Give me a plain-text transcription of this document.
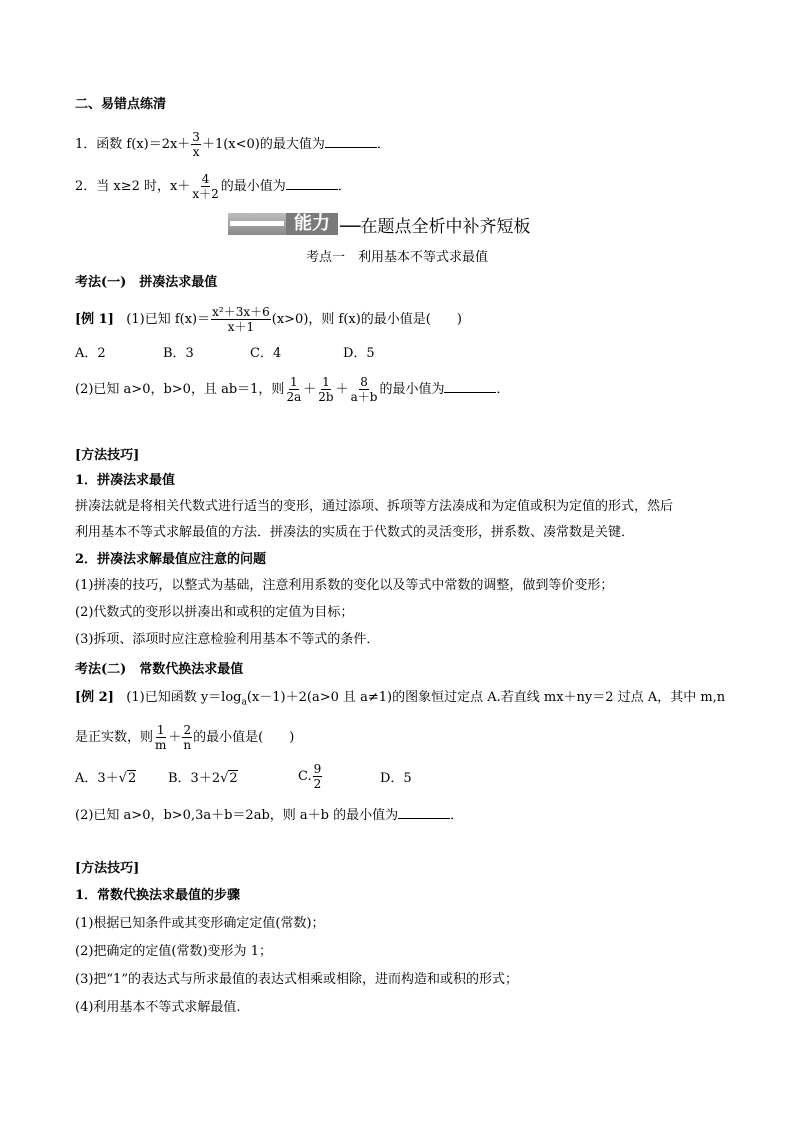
二、易错点练清
1．函数 $f(x)=2x+ \frac{3}{x} +1(x<0)$的最大值为	．
2．当 x≥2 时，$x+ \frac{4}{x+2}$ 的最小值为	．
能力 ──在题点全析中补齐短板
考点一　利用基本不等式求最值
考法(一)　拼凑法求最值
[例 1] (1)已知 $f(x)= \frac{\text{x²＋3x＋6}}{x+1} (x>0)$，则 f(x)的最小值是(　　)
A．2	B．3	C．4	D．5
(2)已知 a>0，b>0，且 ab＝1，则 $\frac{1}{2a} + \frac{1}{2b} + \frac{8}{a+b}$ 的最小值为	．
[方法技巧]
1．拼凑法求最值
拼凑法就是将相关代数式进行适当的变形，通过添项、拆项等方法凑成和为定值或积为定值的形式，然后
利用基本不等式求解最值的方法．拼凑法的实质在于代数式的灵活变形，拼系数、凑常数是关键．
2．拼凑法求解最值应注意的问题
(1)拼凑的技巧，以整式为基础，注意利用系数的变化以及等式中常数的调整，做到等价变形；
(2)代数式的变形以拼凑出和或积的定值为目标；
(3)拆项、添项时应注意检验利用基本不等式的条件．
考法(二)　常数代换法求最值
[例 2] (1)已知函数 $y=\log_a(x-1)+2(a>0$ 且 a≠1)的图象恒过定点 A.若直线 mx＋ny＝2 过点 A，其中 m,n
是正实数，则 $\frac{1}{m} + \frac{2}{n}$ 的最小值是(　　)
A．3＋√2 B．3＋2√2	C. $\frac{9}{2}$	D．5
(2)已知 a>0，b>0,3a＋b＝2ab，则 a＋b 的最小值为	．
[方法技巧]
1．常数代换法求最值的步骤
(1)根据已知条件或其变形确定定值(常数)；
(2)把确定的定值(常数)变形为 1；
(3)把“1”的表达式与所求最值的表达式相乘或相除，进而构造和或积的形式；
(4)利用基本不等式求解最值.
